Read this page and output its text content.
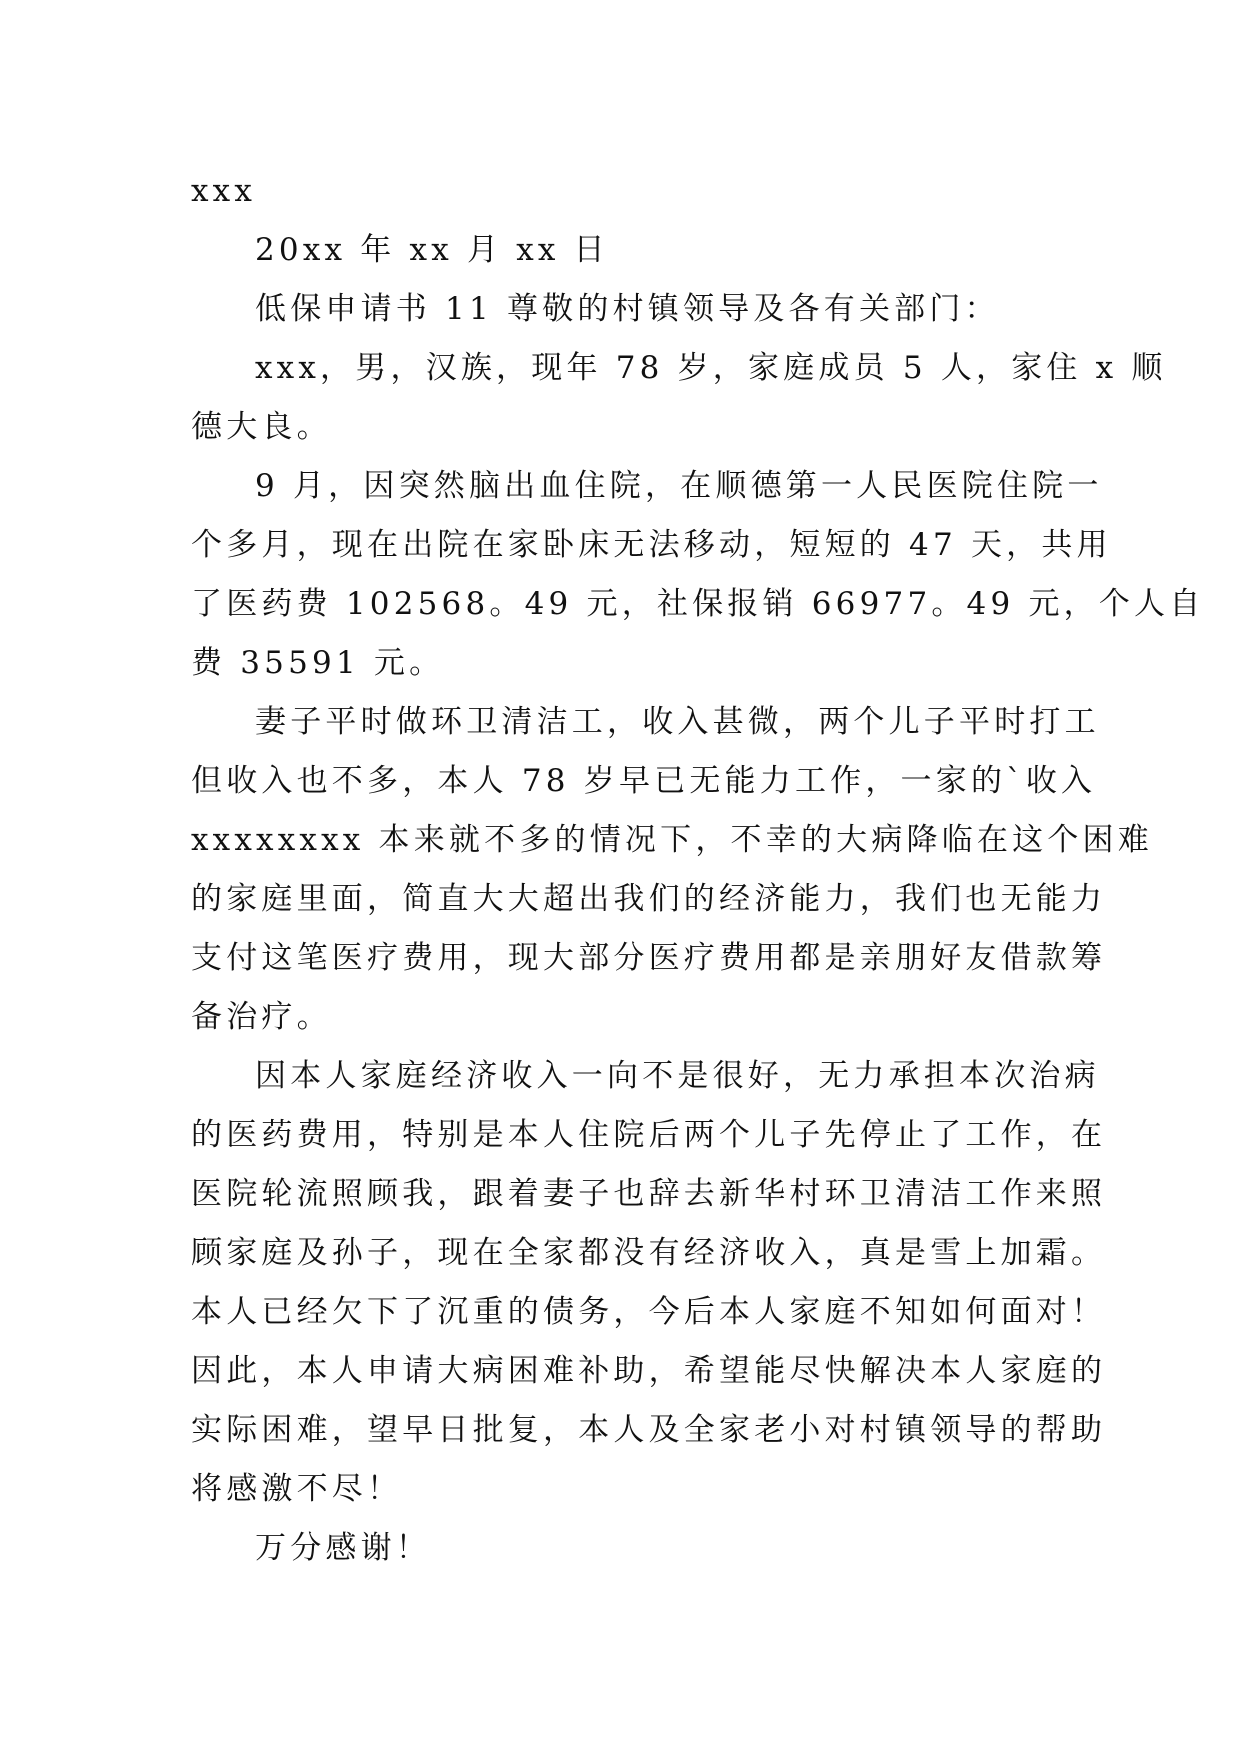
xxx
20xx 年 xx 月 xx 日
低保申请书 11 尊敬的村镇领导及各有关部门：
xxx，男，汉族，现年 78 岁，家庭成员 5 人，家住 x 顺
德大良。
9 月，因突然脑出血住院，在顺德第一人民医院住院一
个多月，现在出院在家卧床无法移动，短短的 47 天，共用
了医药费 102568。49 元，社保报销 66977。49 元，个人自
费 35591 元。
妻子平时做环卫清洁工，收入甚微，两个儿子平时打工
但收入也不多，本人 78 岁早已无能力工作，一家的`收入
xxxxxxxx 本来就不多的情况下，不幸的大病降临在这个困难
的家庭里面，简直大大超出我们的经济能力，我们也无能力
支付这笔医疗费用，现大部分医疗费用都是亲朋好友借款筹
备治疗。
因本人家庭经济收入一向不是很好，无力承担本次治病
的医药费用，特别是本人住院后两个儿子先停止了工作，在
医院轮流照顾我，跟着妻子也辞去新华村环卫清洁工作来照
顾家庭及孙子，现在全家都没有经济收入，真是雪上加霜。
本人已经欠下了沉重的债务，今后本人家庭不知如何面对！
因此，本人申请大病困难补助，希望能尽快解决本人家庭的
实际困难，望早日批复，本人及全家老小对村镇领导的帮助
将感激不尽！
万分感谢！
